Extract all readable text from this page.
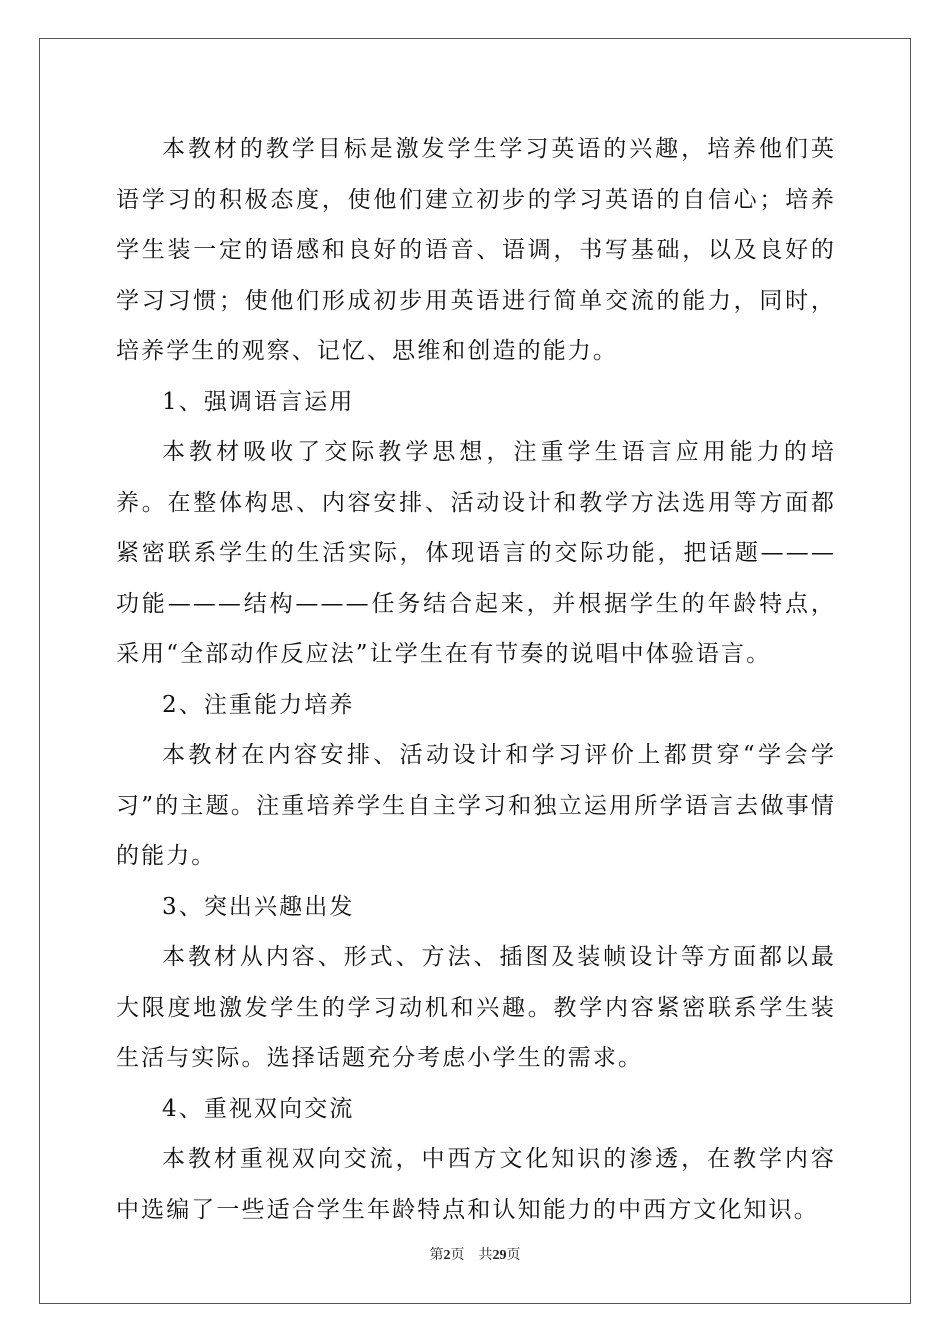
本教材的教学目标是激发学生学习英语的兴趣，培养他们英语学习的积极态度，使他们建立初步的学习英语的自信心；培养学生装一定的语感和良好的语音、语调，书写基础，以及良好的学习习惯；使他们形成初步用英语进行简单交流的能力，同时，培养学生的观察、记忆、思维和创造的能力。

1、强调语言运用

本教材吸收了交际教学思想，注重学生语言应用能力的培养。在整体构思、内容安排、活动设计和教学方法选用等方面都紧密联系学生的生活实际，体现语言的交际功能，把话题———功能———结构———任务结合起来，并根据学生的年龄特点，采用“全部动作反应法”让学生在有节奏的说唱中体验语言。

2、注重能力培养

本教材在内容安排、活动设计和学习评价上都贯穿“学会学习”的主题。注重培养学生自主学习和独立运用所学语言去做事情的能力。

3、突出兴趣出发

本教材从内容、形式、方法、插图及装帧设计等方面都以最大限度地激发学生的学习动机和兴趣。教学内容紧密联系学生装生活与实际。选择话题充分考虑小学生的需求。

4、重视双向交流

本教材重视双向交流，中西方文化知识的渗透，在教学内容中选编了一些适合学生年龄特点和认知能力的中西方文化知识。

第2页 共29页
